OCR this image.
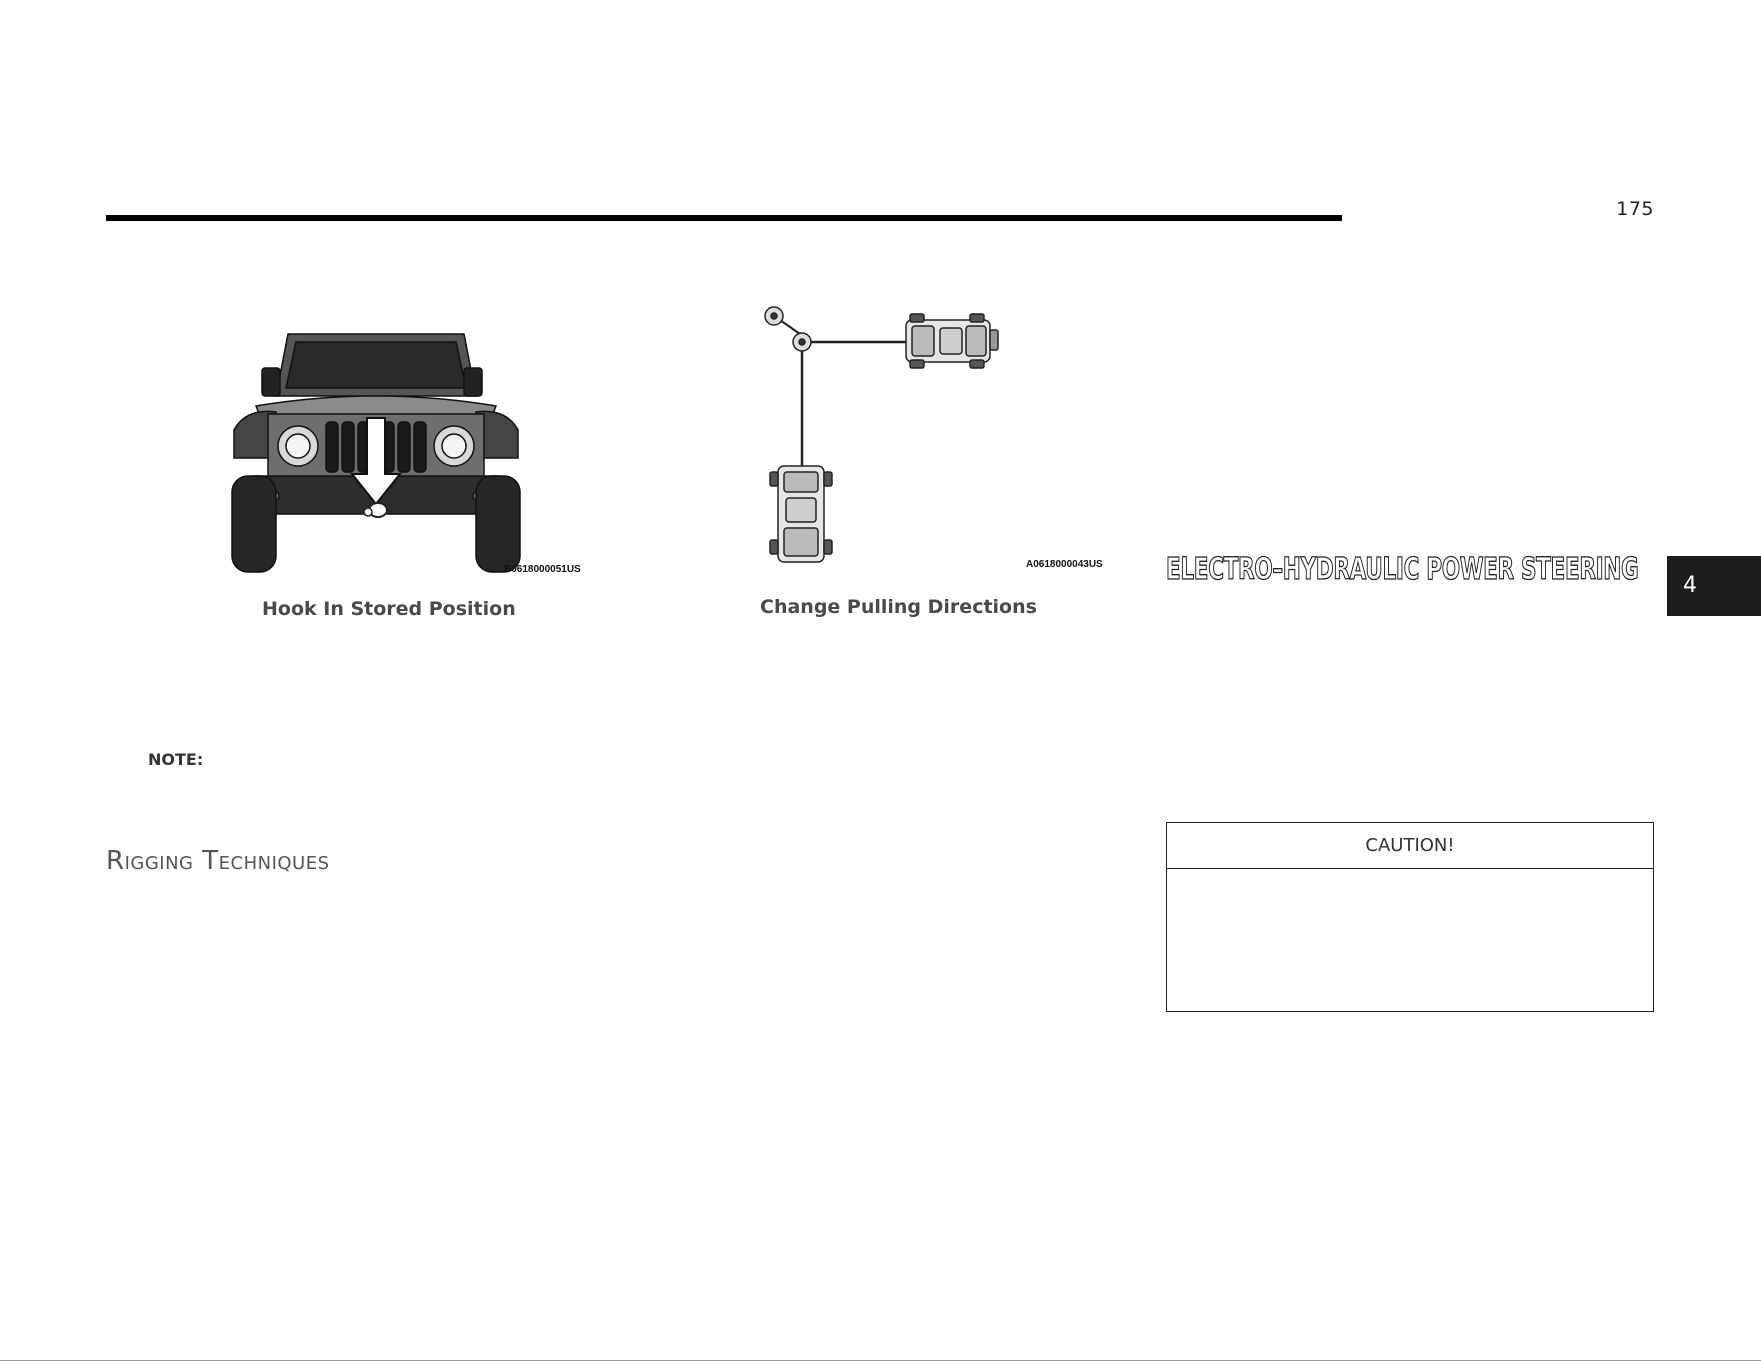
175
4
B0618000051US
Hook In Stored Position
A0618000043US
Change Pulling Directions
NOTE:
Rigging Techniques
ELECTRO–HYDRAULIC POWER STEERING
CAUTION!
